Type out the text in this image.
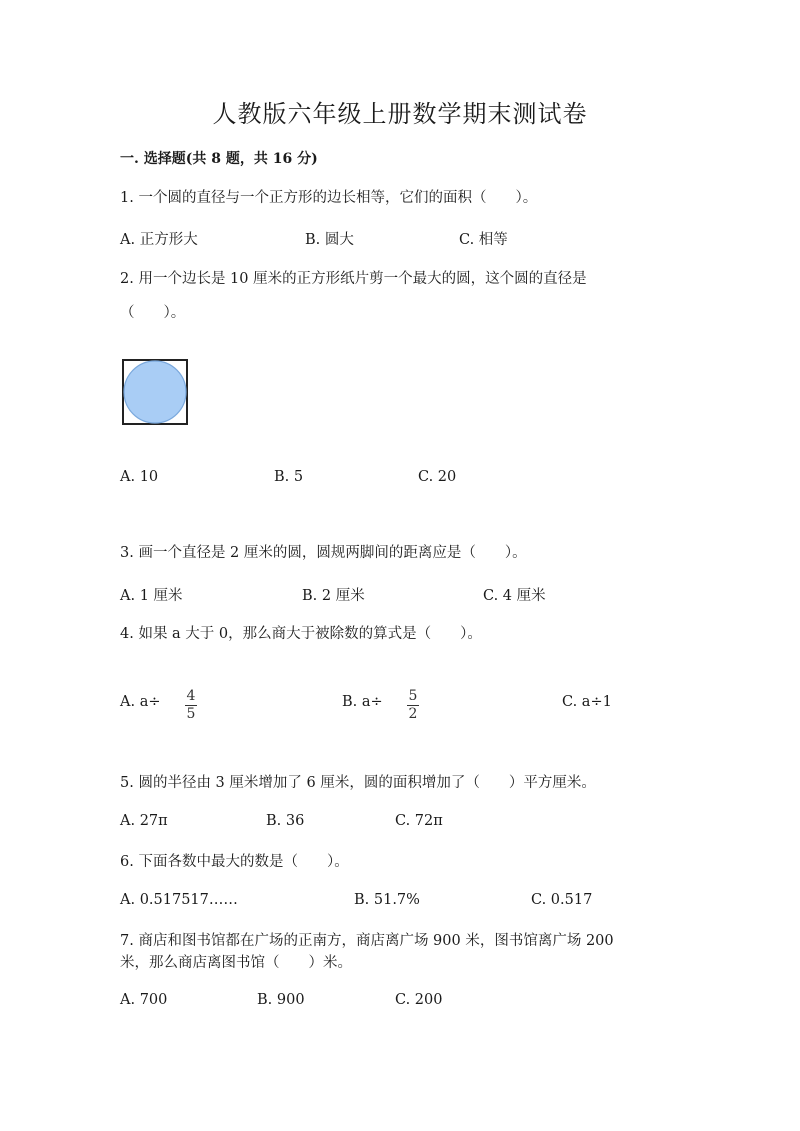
人教版六年级上册数学期末测试卷
一. 选择题(共 8 题，共 16 分)
1. 一个圆的直径与一个正方形的边长相等，它们的面积（　　）。
A. 正方形大	B. 圆大	C. 相等
2. 用一个边长是 10 厘米的正方形纸片剪一个最大的圆，这个圆的直径是
（　　）。
A. 10	B. 5	C. 20
3. 画一个直径是 2 厘米的圆，圆规两脚间的距离应是（　　）。
A. 1 厘米	B. 2 厘米	C. 4 厘米
4. 如果 a 大于 0，那么商大于被除数的算式是（　　）。
A. a÷ 4
5
B. a÷ 5
2
C. a÷1
5. 圆的半径由 3 厘米增加了 6 厘米，圆的面积增加了（　　）平方厘米。
A. 27π	B. 36	C. 72π
6. 下面各数中最大的数是（　　）。
A. 0.517517……	B. 51.7%	C. 0.517
7. 商店和图书馆都在广场的正南方，商店离广场 900 米，图书馆离广场 200
米，那么商店离图书馆（　　）米。
A. 700	B. 900	C. 200
